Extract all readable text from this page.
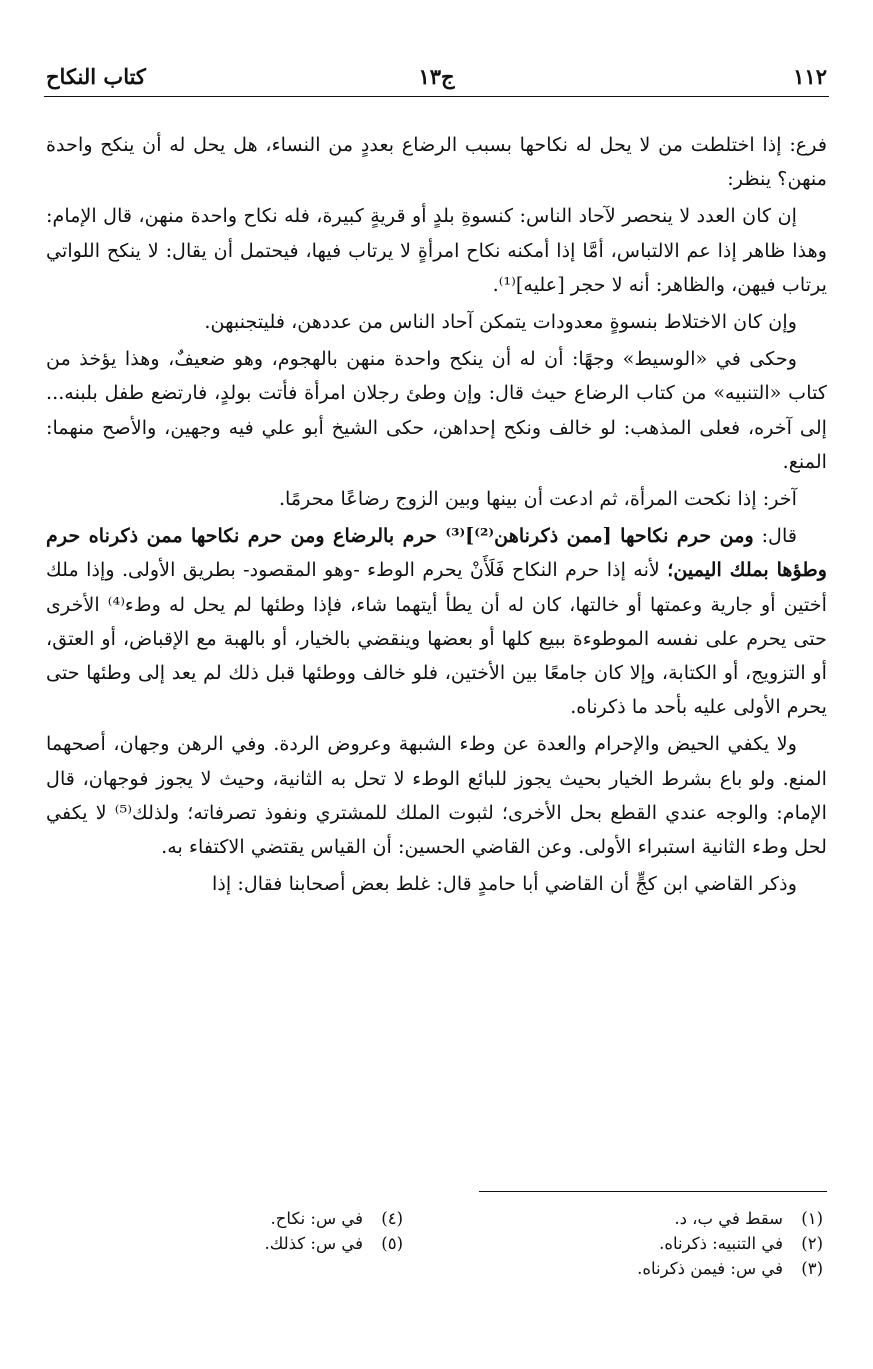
١١٢
ج١٣
كتاب النكاح

فرع: إذا اختلطت من لا يحل له نكاحها بسبب الرضاع بعددٍ من النساء، هل يحل له أن ينكح واحدة منهن؟ ينظر:

إن كان العدد لا ينحصر لآحاد الناس: كنسوةِ بلدٍ أو قريةٍ كبيرة، فله نكاح واحدة منهن، قال الإمام: وهذا ظاهر إذا عم الالتباس، أمَّا إذا أمكنه نكاح امرأةٍ لا يرتاب فيها، فيحتمل أن يقال: لا ينكح اللواتي يرتاب فيهن، والظاهر: أنه لا حجر [عليه]⁽¹⁾.

وإن كان الاختلاط بنسوةٍ معدودات يتمكن آحاد الناس من عددهن، فليتجنبهن.

وحكى في «الوسيط» وجهًا: أن له أن ينكح واحدة منهن بالهجوم، وهو ضعيفٌ، وهذا يؤخذ من كتاب «التنبيه» من كتاب الرضاع حيث قال: وإن وطئ رجلان امرأة فأتت بولدٍ، فارتضع طفل بلبنه... إلى آخره، فعلى المذهب: لو خالف ونكح إحداهن، حكى الشيخ أبو علي فيه وجهين، والأصح منهما: المنع.

آخر: إذا نكحت المرأة، ثم ادعت أن بينها وبين الزوج رضاعًا محرمًا.

قال: ومن حرم نكاحها [ممن ذكرناهن⁽²⁾]⁽³⁾ حرم بالرضاع ومن حرم نكاحها ممن ذكرناه حرم وطؤها بملك اليمين؛ لأنه إذا حرم النكاح فَلَأَنْ يحرم الوطء -وهو المقصود- بطريق الأولى. وإذا ملك أختين أو جارية وعمتها أو خالتها، كان له أن يطأ أيتهما شاء، فإذا وطئها لم يحل له وطء⁽⁴⁾ الأخرى حتى يحرم على نفسه الموطوءة ببيع كلها أو بعضها وينقضي بالخيار، أو بالهبة مع الإقباض، أو العتق، أو التزويج، أو الكتابة، وإلا كان جامعًا بين الأختين، فلو خالف ووطئها قبل ذلك لم يعد إلى وطئها حتى يحرم الأولى عليه بأحد ما ذكرناه.

ولا يكفي الحيض والإحرام والعدة عن وطء الشبهة وعروض الردة. وفي الرهن وجهان، أصحهما المنع. ولو باع بشرط الخيار بحيث يجوز للبائع الوطء لا تحل به الثانية، وحيث لا يجوز فوجهان، قال الإمام: والوجه عندي القطع بحل الأخرى؛ لثبوت الملك للمشتري ونفوذ تصرفاته؛ ولذلك⁽⁵⁾ لا يكفي لحل وطء الثانية استبراء الأولى. وعن القاضي الحسين: أن القياس يقتضي الاكتفاء به.

وذكر القاضي ابن كجٍّ أن القاضي أبا حامدٍ قال: غلط بعض أصحابنا فقال: إذا

(١)سقط في ب، د.
(٢)في التنبيه: ذكرناه.
(٣)في س: فيمن ذكرناه.
(٤)في س: نكاح.
(٥)في س: كذلك.
